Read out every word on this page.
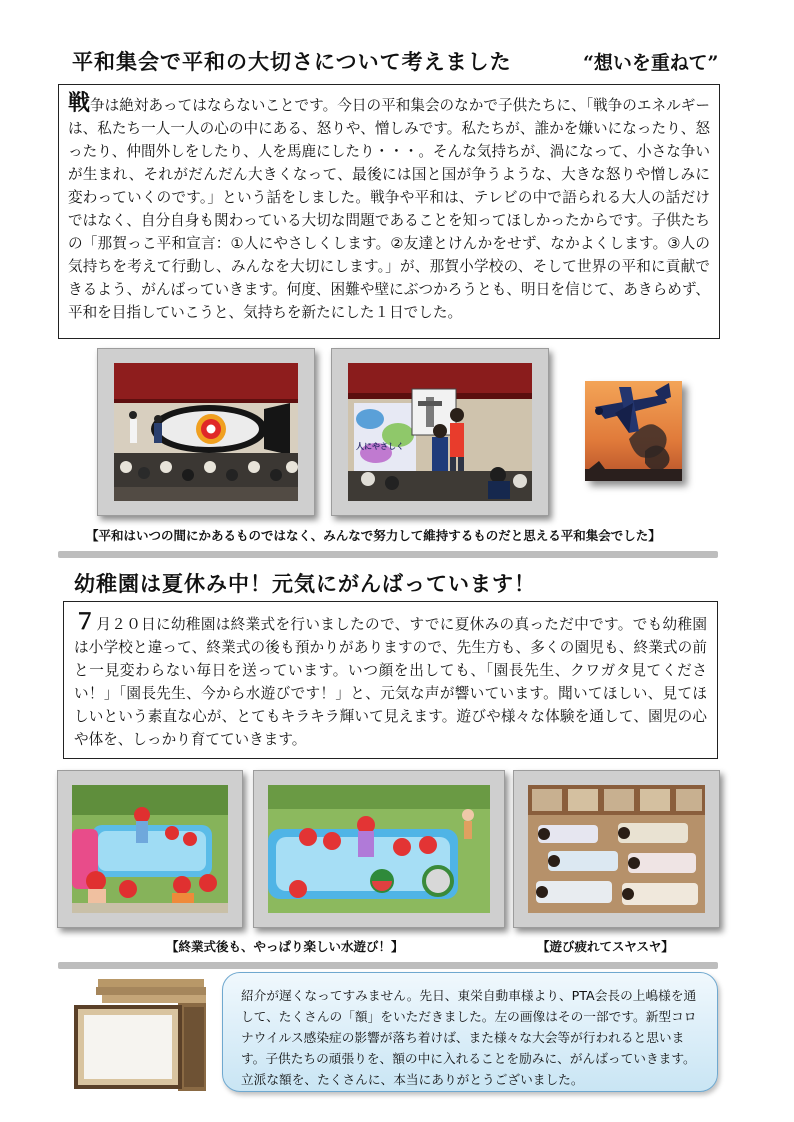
平和集会で平和の大切さについて考えました	“想いを重ねて”

戦争は絶対あってはならないことです。今日の平和集会のなかで子供たちに、「戦争のエネルギーは、私たち一人一人の心の中にある、怒りや、憎しみです。私たちが、誰かを嫌いになったり、怒ったり、仲間外しをしたり、人を馬鹿にしたり・・・。そんな気持ちが、渦になって、小さな争いが生まれ、それがだんだん大きくなって、最後には国と国が争うような、大きな怒りや憎しみに変わっていくのです。」という話をしました。戦争や平和は、テレビの中で語られる大人の話だけではなく、自分自身も関わっている大切な問題であることを知ってほしかったからです。子供たちの「那賀っこ平和宣言：①人にやさしくします。②友達とけんかをせず、なかよくします。③人の気持ちを考えて行動し、みんなを大切にします。」が、那賀小学校の、そして世界の平和に貢献できるよう、がんばっていきます。何度、困難や壁にぶつかろうとも、明日を信じて、あきらめず、平和を目指していこうと、気持ちを新たにした１日でした。

人にやさしく
【平和はいつの間にかあるものではなく、みんなで努力して維持するものだと思える平和集会でした】
幼稚園は夏休み中！元気にがんばっています！

７月２０日に幼稚園は終業式を行いましたので、すでに夏休みの真っただ中です。でも幼稚園は小学校と違って、終業式の後も預かりがありますので、先生方も、多くの園児も、終業式の前と一見変わらない毎日を送っています。いつ顔を出しても、「園長先生、クワガタ見てください！」「園長先生、今から水遊びです！」と、元気な声が響いています。聞いてほしい、見てほしいという素直な心が、とてもキラキラ輝いて見えます。遊びや様々な体験を通して、園児の心や体を、しっかり育てていきます。

【終業式後も、やっぱり楽しい水遊び！】	【遊び疲れてスヤスヤ】

紹介が遅くなってすみません。先日、東栄自動車様より、PTA会長の上嶋様を通して、たくさんの「額」をいただきました。左の画像はその一部です。新型コロナウイルス感染症の影響が落ち着けば、また様々な大会等が行われると思います。子供たちの頑張りを、額の中に入れることを励みに、がんばっていきます。立派な額を、たくさんに、本当にありがとうございました。
